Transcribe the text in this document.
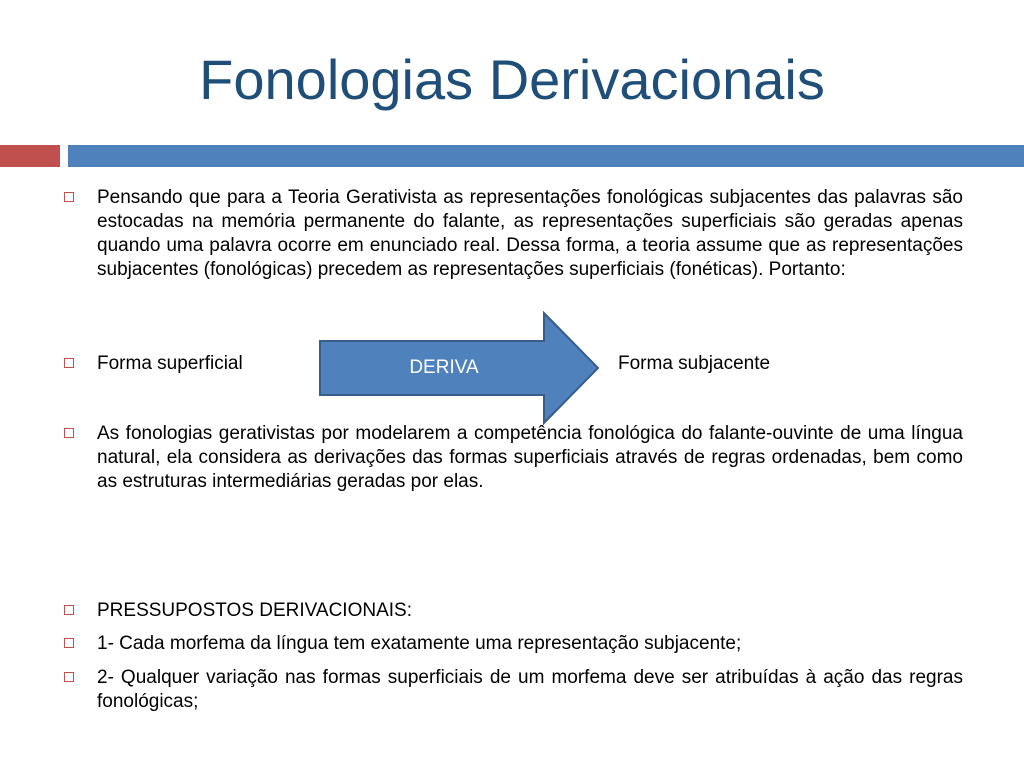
Fonologias Derivacionais

Pensando que para a Teoria Gerativista as representações fonológicas subjacentes das palavras são estocadas na memória permanente do falante, as representações superficiais são geradas apenas quando uma palavra ocorre em enunciado real. Dessa forma, a teoria assume que as representações subjacentes (fonológicas) precedem as representações superficiais (fonéticas). Portanto:

Forma superficial	DERIVA	Forma subjacente

As fonologias gerativistas por modelarem a competência fonológica do falante-ouvinte de uma língua natural, ela considera as derivações das formas superficiais através de regras ordenadas, bem como as estruturas intermediárias geradas por elas.

PRESSUPOSTOS DERIVACIONAIS:

1- Cada morfema da língua tem exatamente uma representação subjacente;

2- Qualquer variação nas formas superficiais de um morfema deve ser atribuídas à ação das regras fonológicas;
